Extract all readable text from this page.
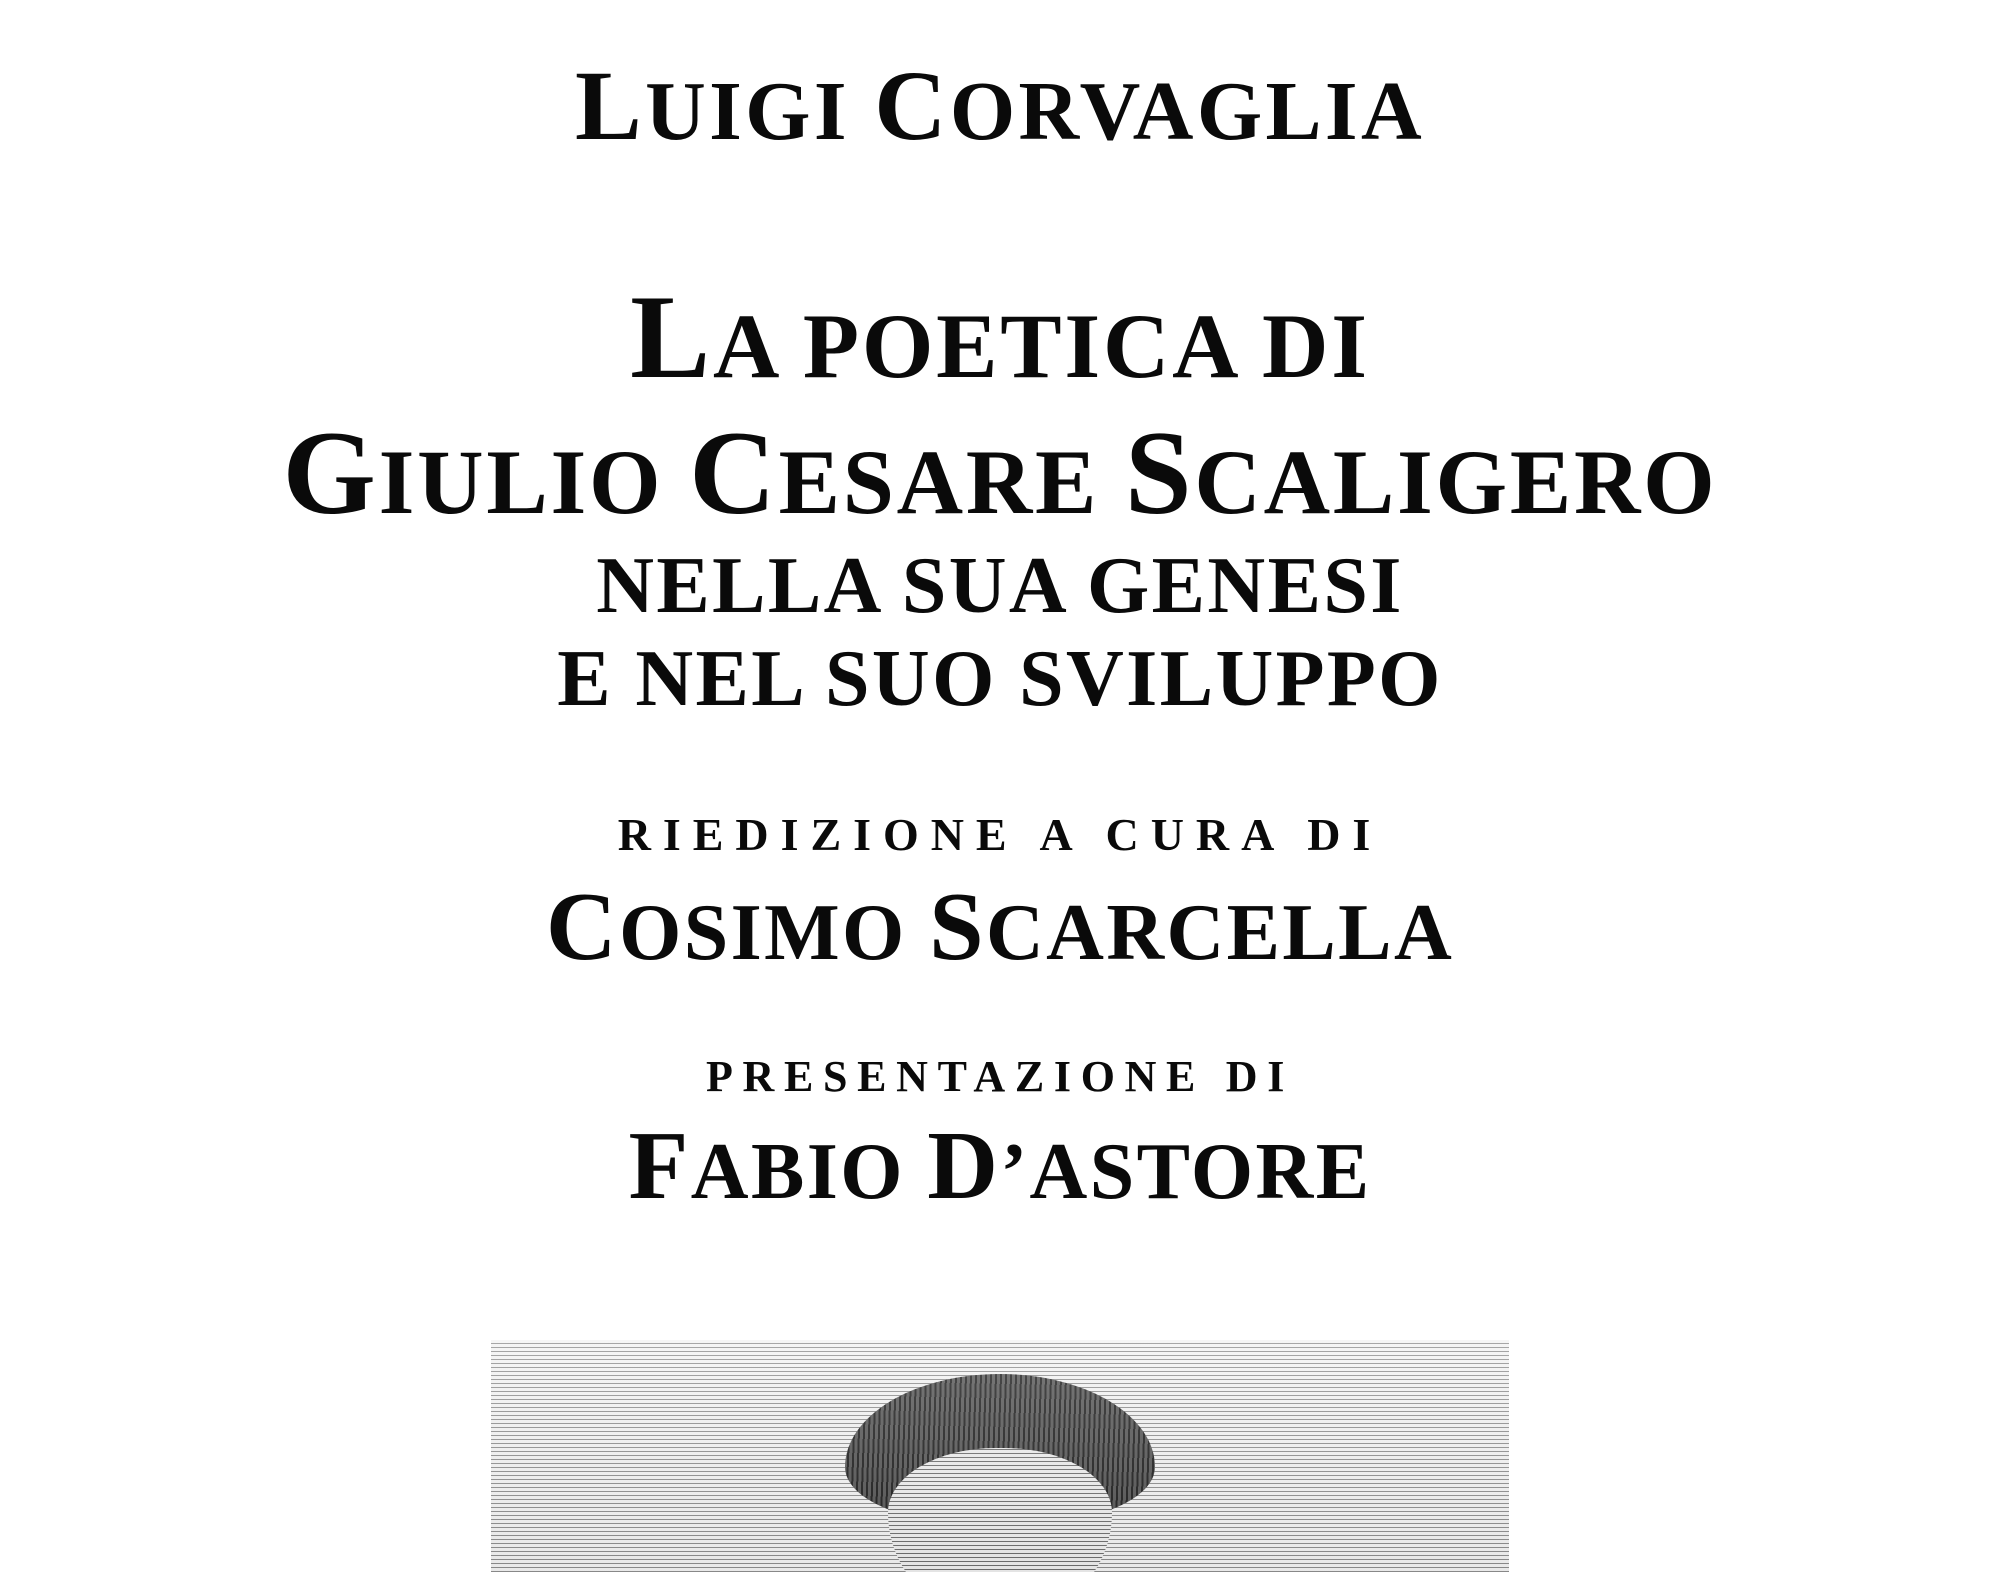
LUIGI CORVAGLIA
LA POETICA DI
GIULIO CESARE SCALIGERO
NELLA SUA GENESI
E NEL SUO SVILUPPO
RIEDIZIONE A CURA DI
COSIMO SCARCELLA
PRESENTAZIONE DI
FABIO D’ASTORE
